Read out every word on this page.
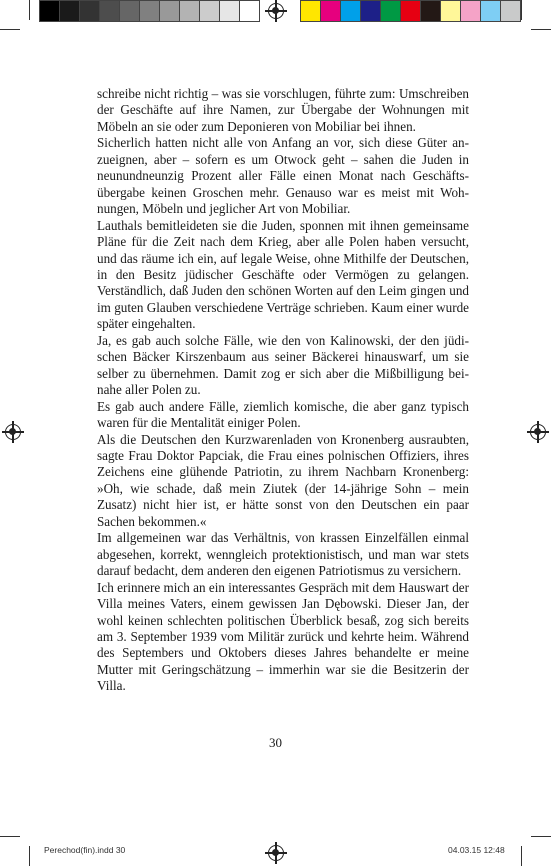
schreibe nicht richtig – was sie vorschlugen, führte zum: Umschreiben der Geschäfte auf ihre Namen, zur Übergabe der Wohnungen mit Möbeln an sie oder zum Deponieren von Mobiliar bei ihnen.

Sicherlich hatten nicht alle von Anfang an vor, sich diese Güter anzueignen, aber – sofern es um Otwock geht – sahen die Juden in neunundneunzig Prozent aller Fälle einen Monat nach Geschäftsübergabe keinen Groschen mehr. Genauso war es meist mit Wohnungen, Möbeln und jeglicher Art von Mobiliar.

Lauthals bemitleideten sie die Juden, sponnen mit ihnen gemeinsame Pläne für die Zeit nach dem Krieg, aber alle Polen haben versucht, und das räume ich ein, auf legale Weise, ohne Mithilfe der Deutschen, in den Besitz jüdischer Geschäfte oder Vermögen zu gelangen. Verständlich, daß Juden den schönen Worten auf den Leim gingen und im guten Glauben verschiedene Verträge schrieben. Kaum einer wurde später eingehalten.

Ja, es gab auch solche Fälle, wie den von Kalinowski, der den jüdischen Bäcker Kirszenbaum aus seiner Bäckerei hinauswarf, um sie selber zu übernehmen. Damit zog er sich aber die Mißbilligung beinahe aller Polen zu.

Es gab auch andere Fälle, ziemlich komische, die aber ganz typisch waren für die Mentalität einiger Polen.

Als die Deutschen den Kurzwarenladen von Kronenberg ausraubten, sagte Frau Doktor Papciak, die Frau eines polnischen Offiziers, ihres Zeichens eine glühende Patriotin, zu ihrem Nachbarn Kronenberg: »Oh, wie schade, daß mein Ziutek (der 14-jährige Sohn – mein Zusatz) nicht hier ist, er hätte sonst von den Deutschen ein paar Sachen bekommen.«

Im allgemeinen war das Verhältnis, von krassen Einzelfällen einmal abgesehen, korrekt, wenngleich protektionistisch, und man war stets darauf bedacht, dem anderen den eigenen Patriotismus zu versichern.

Ich erinnere mich an ein interessantes Gespräch mit dem Hauswart der Villa meines Vaters, einem gewissen Jan Dębowski. Dieser Jan, der wohl keinen schlechten politischen Überblick besaß, zog sich bereits am 3. September 1939 vom Militär zurück und kehrte heim. Während des Septembers und Oktobers dieses Jahres behandelte er meine Mutter mit Geringschätzung – immerhin war sie die Besitzerin der Villa.

30
Perechod(fin).indd 30	04.03.15 12:48
